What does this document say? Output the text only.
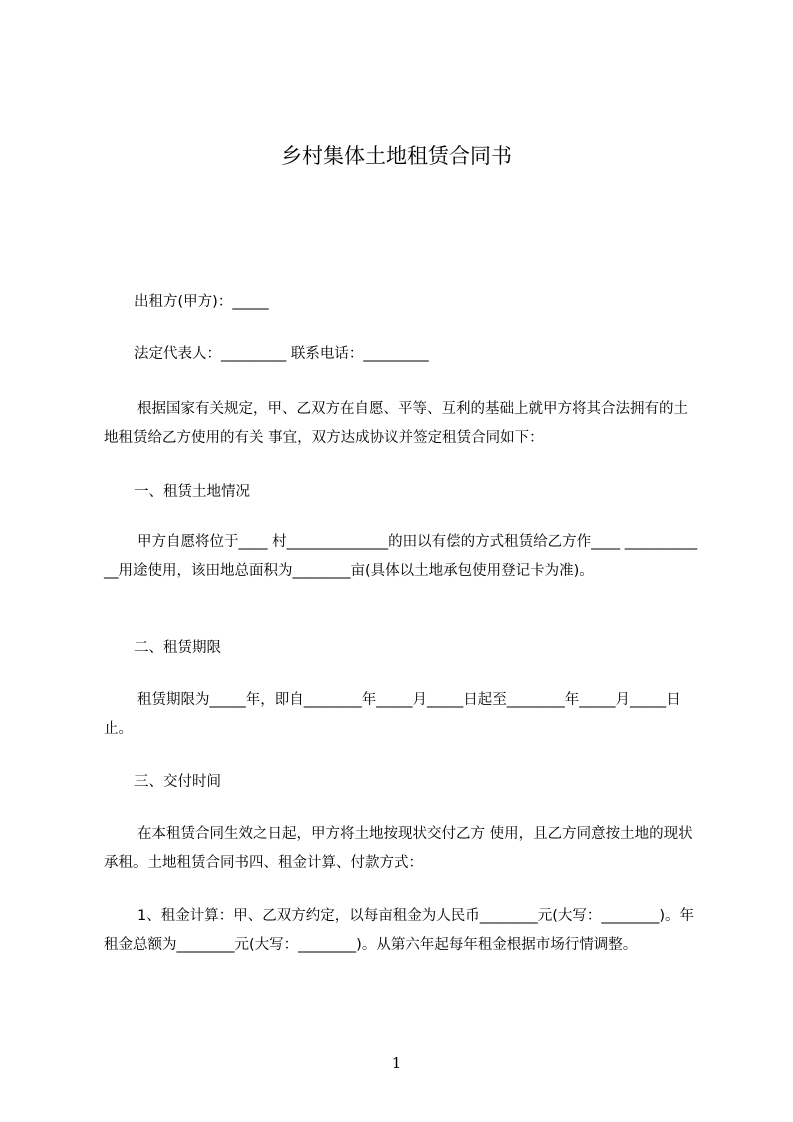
乡村集体土地租赁合同书

出租方(甲方)：_____

法定代表人：_________ 联系电话：_________

根据国家有关规定，甲、乙双方在自愿、平等、互利的基础上就甲方将其合法拥有的土地租赁给乙方使用的有关 事宜，双方达成协议并签定租赁合同如下：

一、租赁土地情况

甲方自愿将位于____ 村______________的田以有偿的方式租赁给乙方作____ ____________用途使用，该田地总面积为________亩(具体以土地承包使用登记卡为准)。

二、租赁期限

租赁期限为_____年，即自________年_____月_____日起至________年_____月_____日止。

三、交付时间

在本租赁合同生效之日起，甲方将土地按现状交付乙方 使用，且乙方同意按土地的现状承租。土地租赁合同书四、租金计算、付款方式：

1、租金计算：甲、乙双方约定，以每亩租金为人民币________元(大写：________)。年租金总额为________元(大写：________)。从第六年起每年租金根据市场行情调整。

1
